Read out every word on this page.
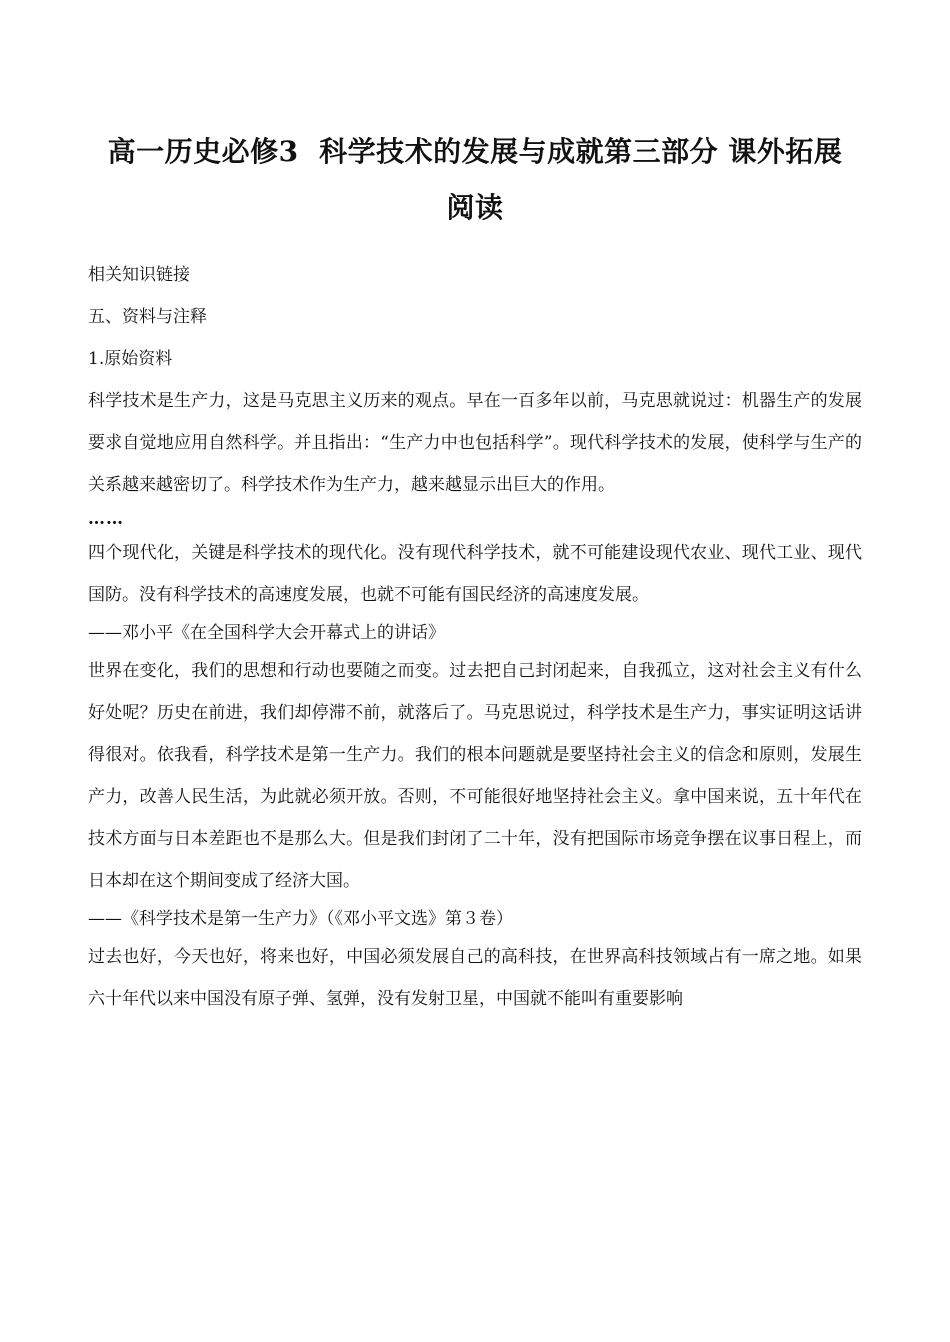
高一历史必修3  科学技术的发展与成就第三部分 课外拓展
阅读

相关知识链接

五、资料与注释

1.原始资料

科学技术是生产力，这是马克思主义历来的观点。早在一百多年以前，马克思就说过：机器生产的发展要求自觉地应用自然科学。并且指出：“生产力中也包括科学”。现代科学技术的发展，使科学与生产的关系越来越密切了。科学技术作为生产力，越来越显示出巨大的作用。

……

四个现代化，关键是科学技术的现代化。没有现代科学技术，就不可能建设现代农业、现代工业、现代国防。没有科学技术的高速度发展，也就不可能有国民经济的高速度发展。

——邓小平《在全国科学大会开幕式上的讲话》

世界在变化，我们的思想和行动也要随之而变。过去把自己封闭起来，自我孤立，这对社会主义有什么好处呢？历史在前进，我们却停滞不前，就落后了。马克思说过，科学技术是生产力，事实证明这话讲得很对。依我看，科学技术是第一生产力。我们的根本问题就是要坚持社会主义的信念和原则，发展生产力，改善人民生活，为此就必须开放。否则，不可能很好地坚持社会主义。拿中国来说，五十年代在技术方面与日本差距也不是那么大。但是我们封闭了二十年，没有把国际市场竞争摆在议事日程上，而日本却在这个期间变成了经济大国。

——《科学技术是第一生产力》（《邓小平文选》第３卷）

过去也好，今天也好，将来也好，中国必须发展自己的高科技，在世界高科技领域占有一席之地。如果六十年代以来中国没有原子弹、氢弹，没有发射卫星，中国就不能叫有重要影响
